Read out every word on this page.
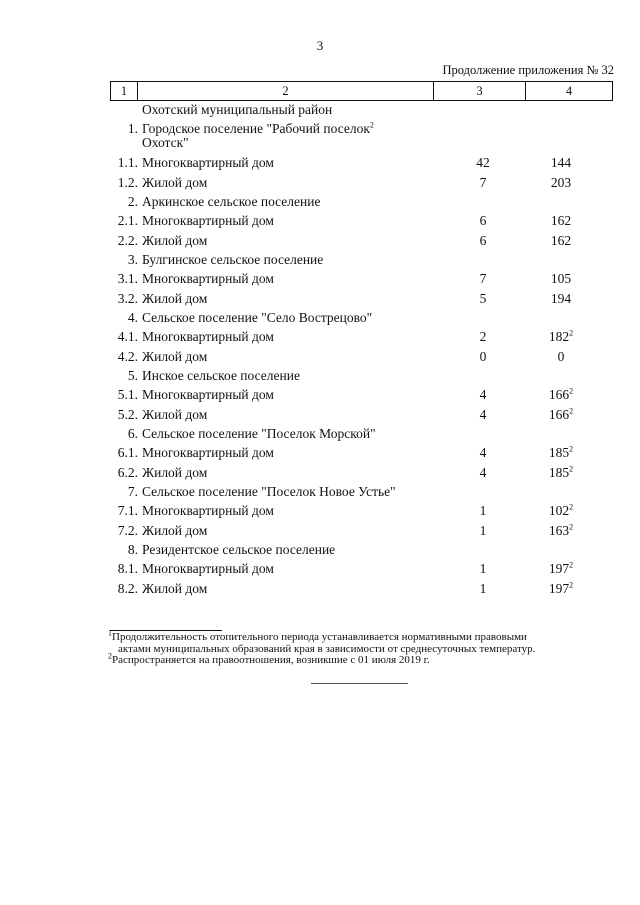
3
Продолжение приложения № 32
1	2	3	4
Охотский муниципальный район
1. Городское поселение "Рабочий поселок$^2$
Охотск"
1.1. Многоквартирный дом	42	144
1.2. Жилой дом	7	203
2. Аркинское сельское поселение
2.1. Многоквартирный дом	6	162
2.2. Жилой дом	6	162
3. Булгинское сельское поселение
3.1. Многоквартирный дом	7	105
3.2. Жилой дом	5	194
4. Сельское поселение "Село Вострецово"
4.1. Многоквартирный дом	2	$182^2$
4.2. Жилой дом	0	0
5. Инское сельское поселение
5.1. Многоквартирный дом	4	$166^2$
5.2. Жилой дом	4	$166^2$
6. Сельское поселение "Поселок Морской"
6.1. Многоквартирный дом	4	$185^2$
6.2. Жилой дом	4	$185^2$
7. Сельское поселение "Поселок Новое Устье"
7.1. Многоквартирный дом	1	$102^2$
7.2. Жилой дом	1	$163^2$
8. Резидентское сельское поселение
8.1. Многоквартирный дом	1	$197^2$
8.2. Жилой дом	1	$197^2$
$^1$Продолжительность отопительного периода устанавливается нормативными правовыми
актами муниципальных образований края в зависимости от среднесуточных температур.
$^2$Распространяется на правоотношения, возникшие с 01 июля 2019 г.
